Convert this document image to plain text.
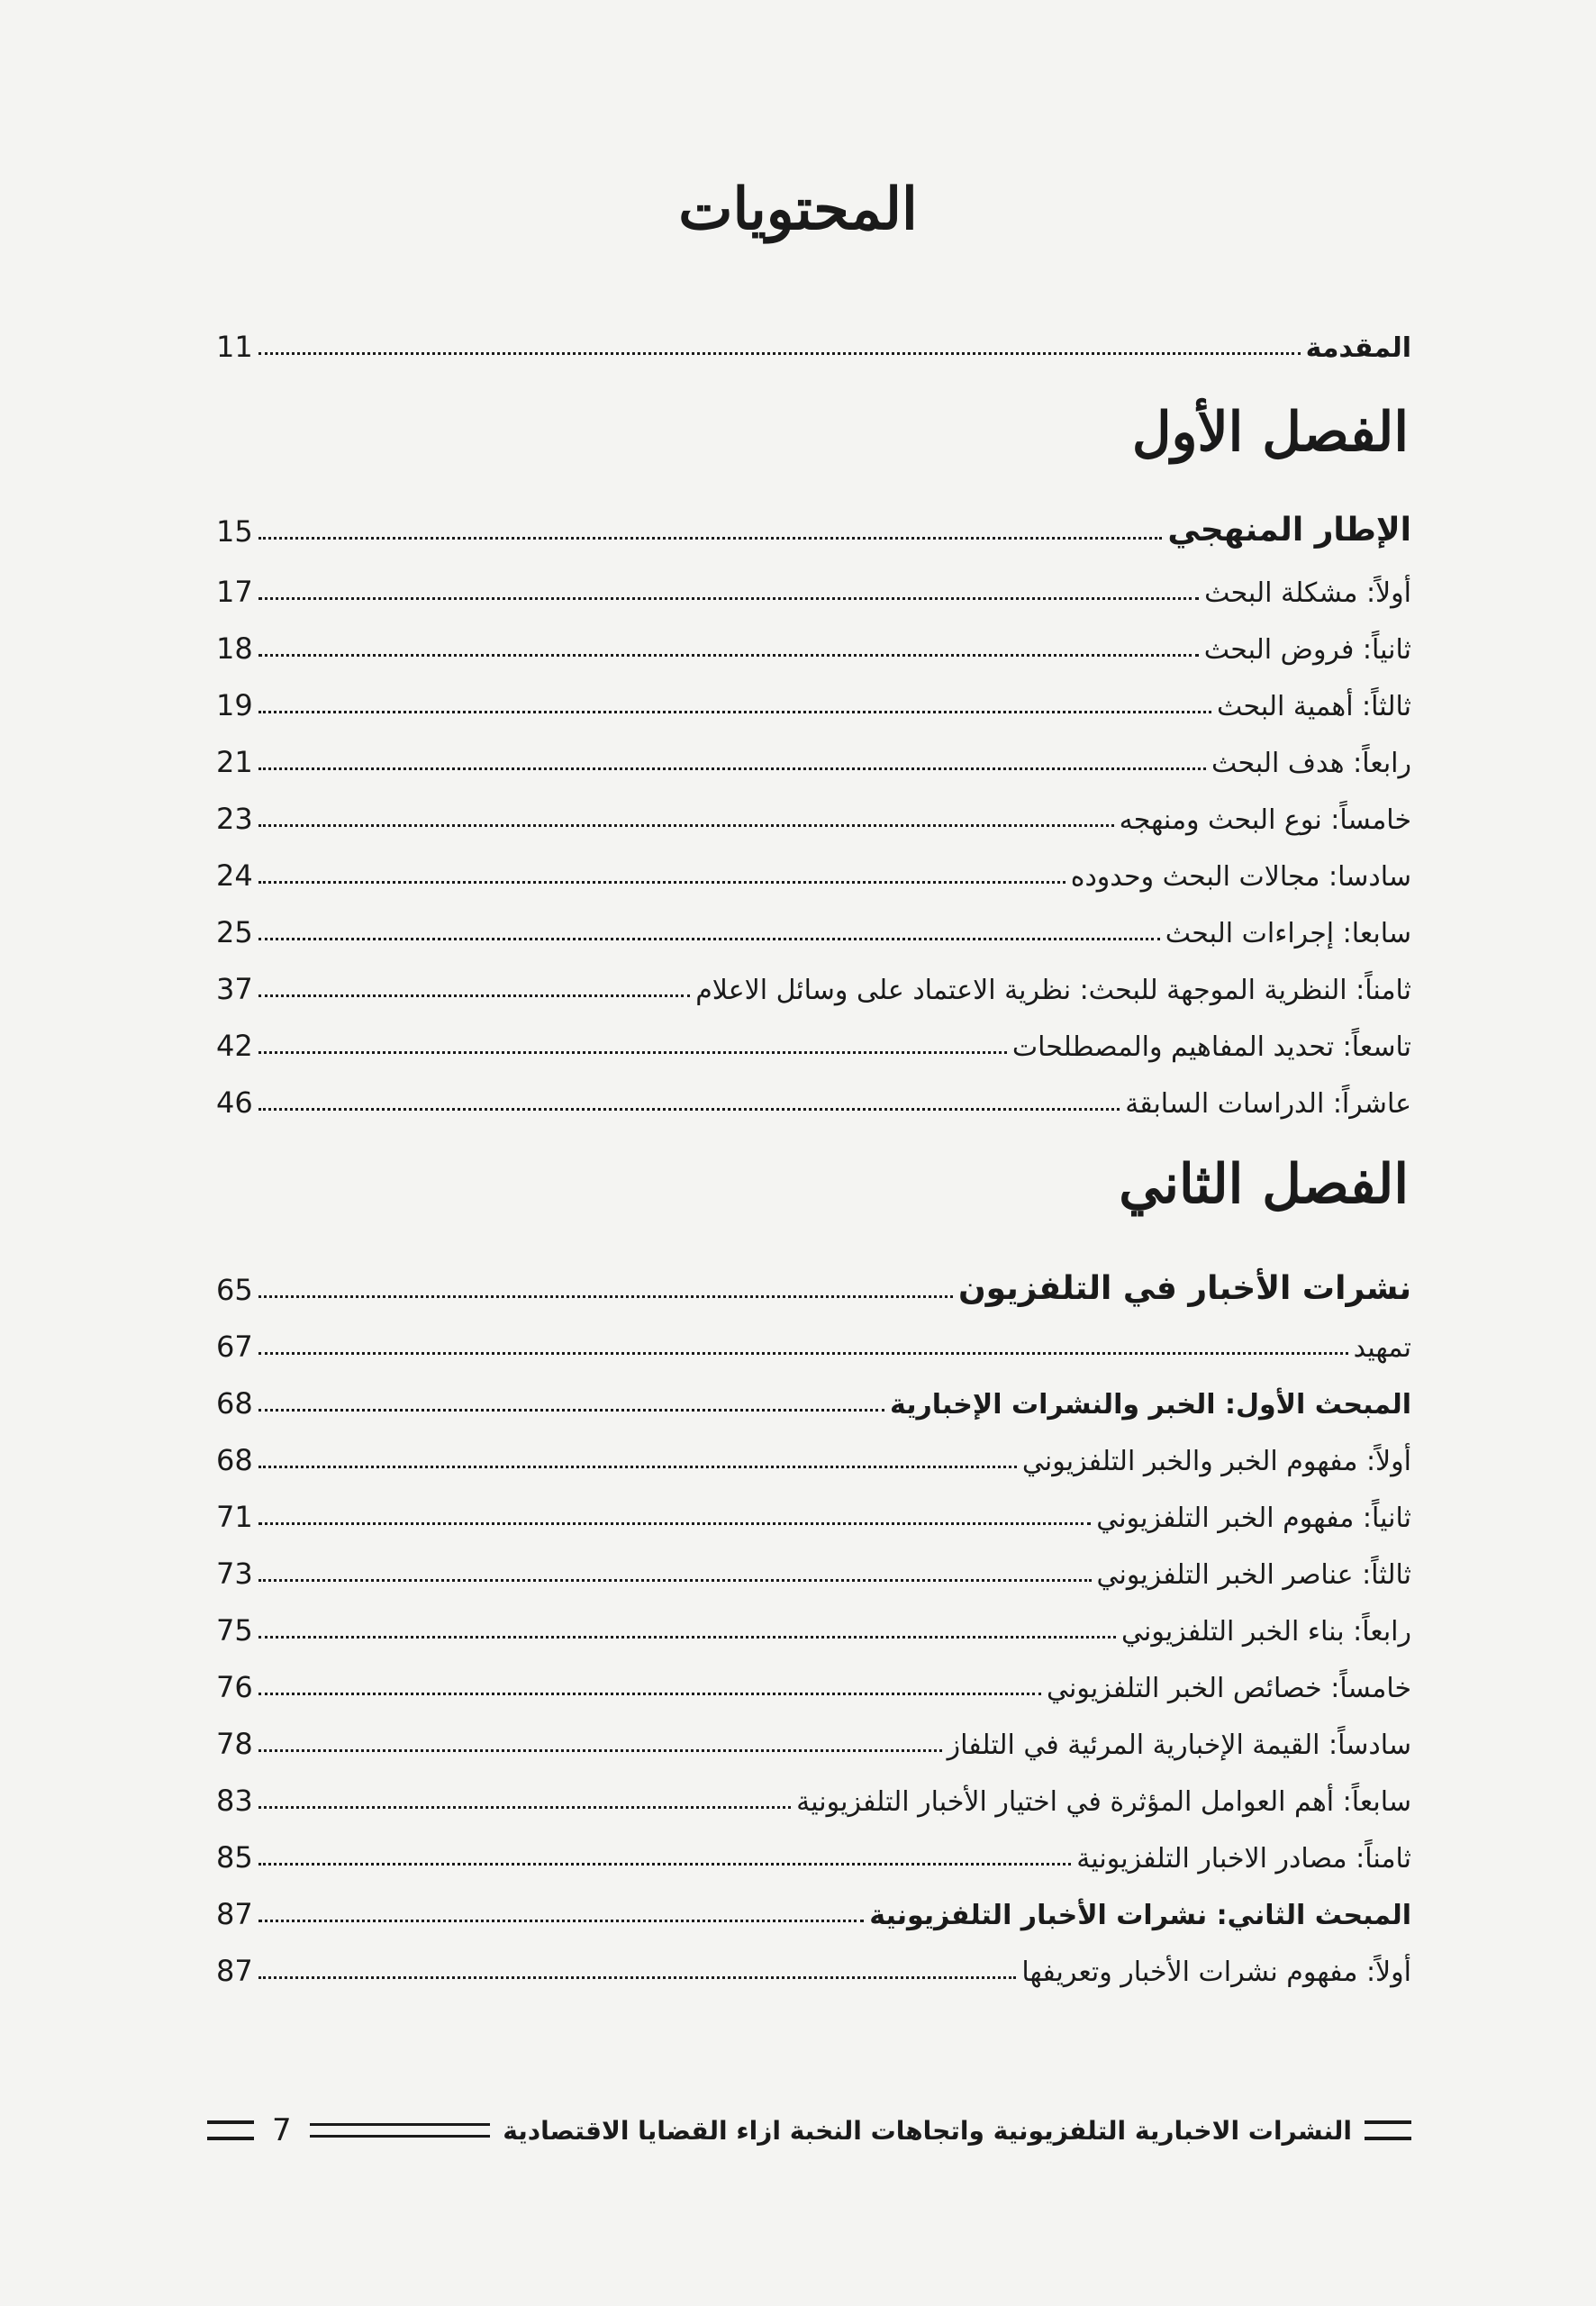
المحتويات
المقدمة
11
الفصل الأول
الإطار المنهجي
15
أولاً: مشكلة البحث
17
ثانياً: فروض البحث
18
ثالثاً: أهمية البحث
19
رابعاً: هدف البحث
21
خامساً: نوع البحث ومنهجه
23
سادسا: مجالات البحث وحدوده
24
سابعا: إجراءات البحث
25
ثامناً: النظرية الموجهة للبحث: نظرية الاعتماد على وسائل الاعلام
37
تاسعاً: تحديد المفاهيم والمصطلحات
42
عاشراً: الدراسات السابقة
46
الفصل الثاني
نشرات الأخبار في التلفزيون
65
تمهيد
67
المبحث الأول: الخبر والنشرات الإخبارية
68
أولاً: مفهوم الخبر والخبر التلفزيوني
68
ثانياً: مفهوم الخبر التلفزيوني
71
ثالثاً: عناصر الخبر التلفزيوني
73
رابعاً: بناء الخبر التلفزيوني
75
خامساً: خصائص الخبر التلفزيوني
76
سادساً: القيمة الإخبارية المرئية في التلفاز
78
سابعاً: أهم العوامل المؤثرة في اختيار الأخبار التلفزيونية
83
ثامناً: مصادر الاخبار التلفزيونية
85
المبحث الثاني: نشرات الأخبار التلفزيونية
87
أولاً: مفهوم نشرات الأخبار وتعريفها
87
النشرات الاخبارية التلفزيونية واتجاهات النخبة ازاء القضايا الاقتصادية
7
